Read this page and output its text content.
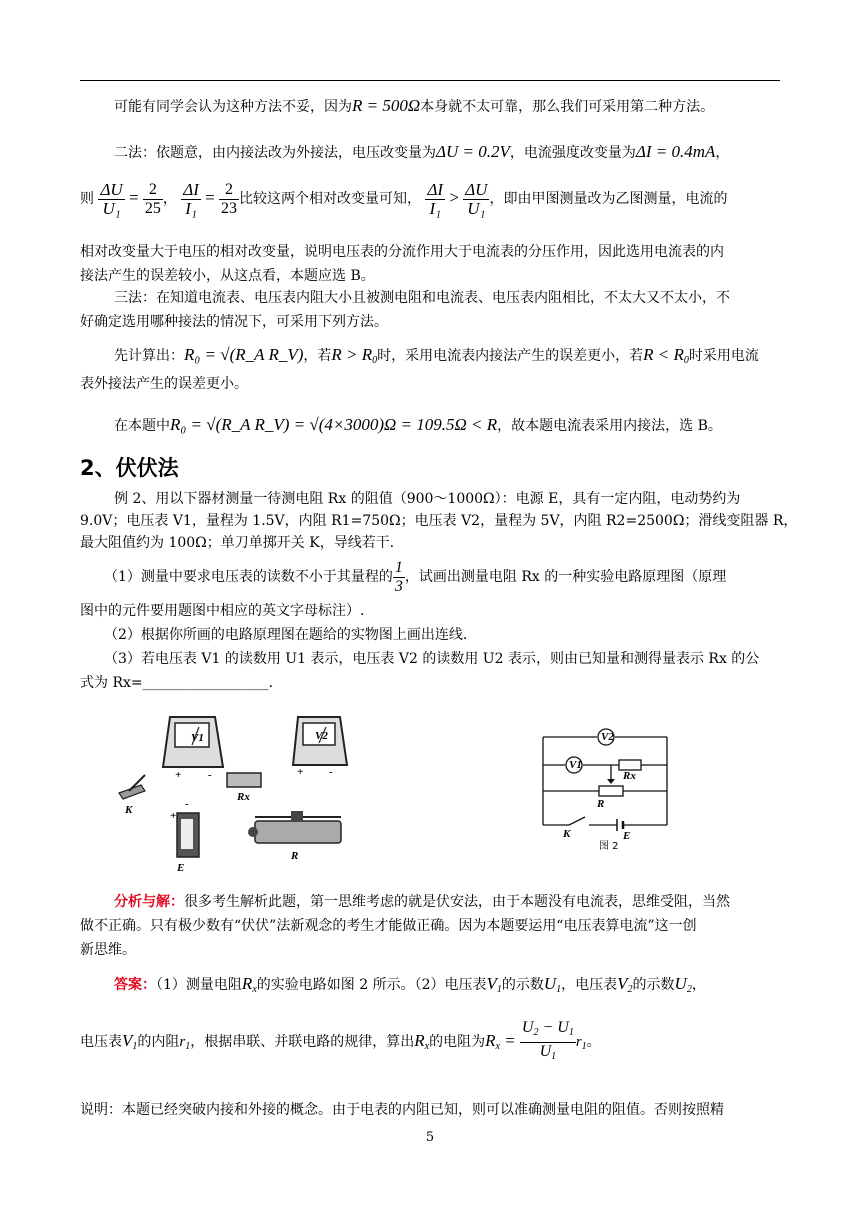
可能有同学会认为这种方法不妥，因为R = 500Ω本身就不太可靠，那么我们可采用第二种方法。
二法：依题意，由内接法改为外接法，电压改变量为ΔU = 0.2V，电流强度改变量为ΔI = 0.4mA，
则 $\frac{\Delta U}{\text{U₁}} = \frac{2}{25}$ ， $\frac{\Delta I}{\text{I₁}} = \frac{2}{23}$ 比较这两个相对改变量可知， $\frac{\Delta I}{\text{I₁}} > \frac{\Delta U}{\text{U₁}}$ ，即由甲图测量改为乙图测量，电流的
相对改变量大于电压的相对改变量，说明电压表的分流作用大于电流表的分压作用，因此选用电流表的内
接法产生的误差较小，从这点看，本题应选 B。
三法：在知道电流表、电压表内阻大小且被测电阻和电流表、电压表内阻相比，不太大又不太小，不
好确定选用哪种接法的情况下，可采用下列方法。
先计算出：R₀ = √(R_A R_V)，若$R > R_0$时，采用电流表内接法产生的误差更小，若$R < R_0$时采用电流
表外接法产生的误差更小。
在本题中R₀ = √(R_A R_V) = √(4×3000)Ω = 109.5Ω < R，故本题电流表采用内接法，选 B。
2、伏伏法
例 2、用以下器材测量一待测电阻 Rx 的阻值（900～1000Ω）：电源 E，具有一定内阻，电动势约为
9.0V；电压表 V1，量程为 1.5V，内阻 R1=750Ω；电压表 V2，量程为 5V，内阻 R2=2500Ω；滑线变阻器 R，
最大阻值约为 100Ω；单刀单掷开关 K，导线若干.
（1）测量中要求电压表的读数不小于其量程的 $\frac{1}{3}$ ，试画出测量电阻 Rx 的一种实验电路原理图（原理
图中的元件要用题图中相应的英文字母标注）.
（2）根据你所画的电路原理图在题给的实物图上画出连线.
（3）若电压表 V1 的读数用 U1 表示，电压表 V2 的读数用 U2 表示，则由已知量和测得量表示 Rx 的公
式为 Rx=__________________.
V1
+ -
V2
+ -
Rx
K	+
-
E
R
V2
V1
Rx
R
K	E
图 2
分析与解：很多考生解析此题，第一思维考虑的就是伏安法，由于本题没有电流表，思维受阻，当然
做不正确。只有极少数有“伏伏”法新观念的考生才能做正确。因为本题要运用“电压表算电流”这一创
新思维。
答案：（1）测量电阻$R_x$的实验电路如图 2 所示。（2）电压表$V_1$的示数$U_1$，电压表$V_2$的示数$U_2$，
电压表$V_1$的内阻$r_1$，根据串联、并联电路的规律，算出$R_x$的电阻为$R_x = \frac{U_2 - U_1}{U_1} r_1$。
说明：本题已经突破内接和外接的概念。由于电表的内阻已知，则可以准确测量电阻的阻值。否则按照精
5
